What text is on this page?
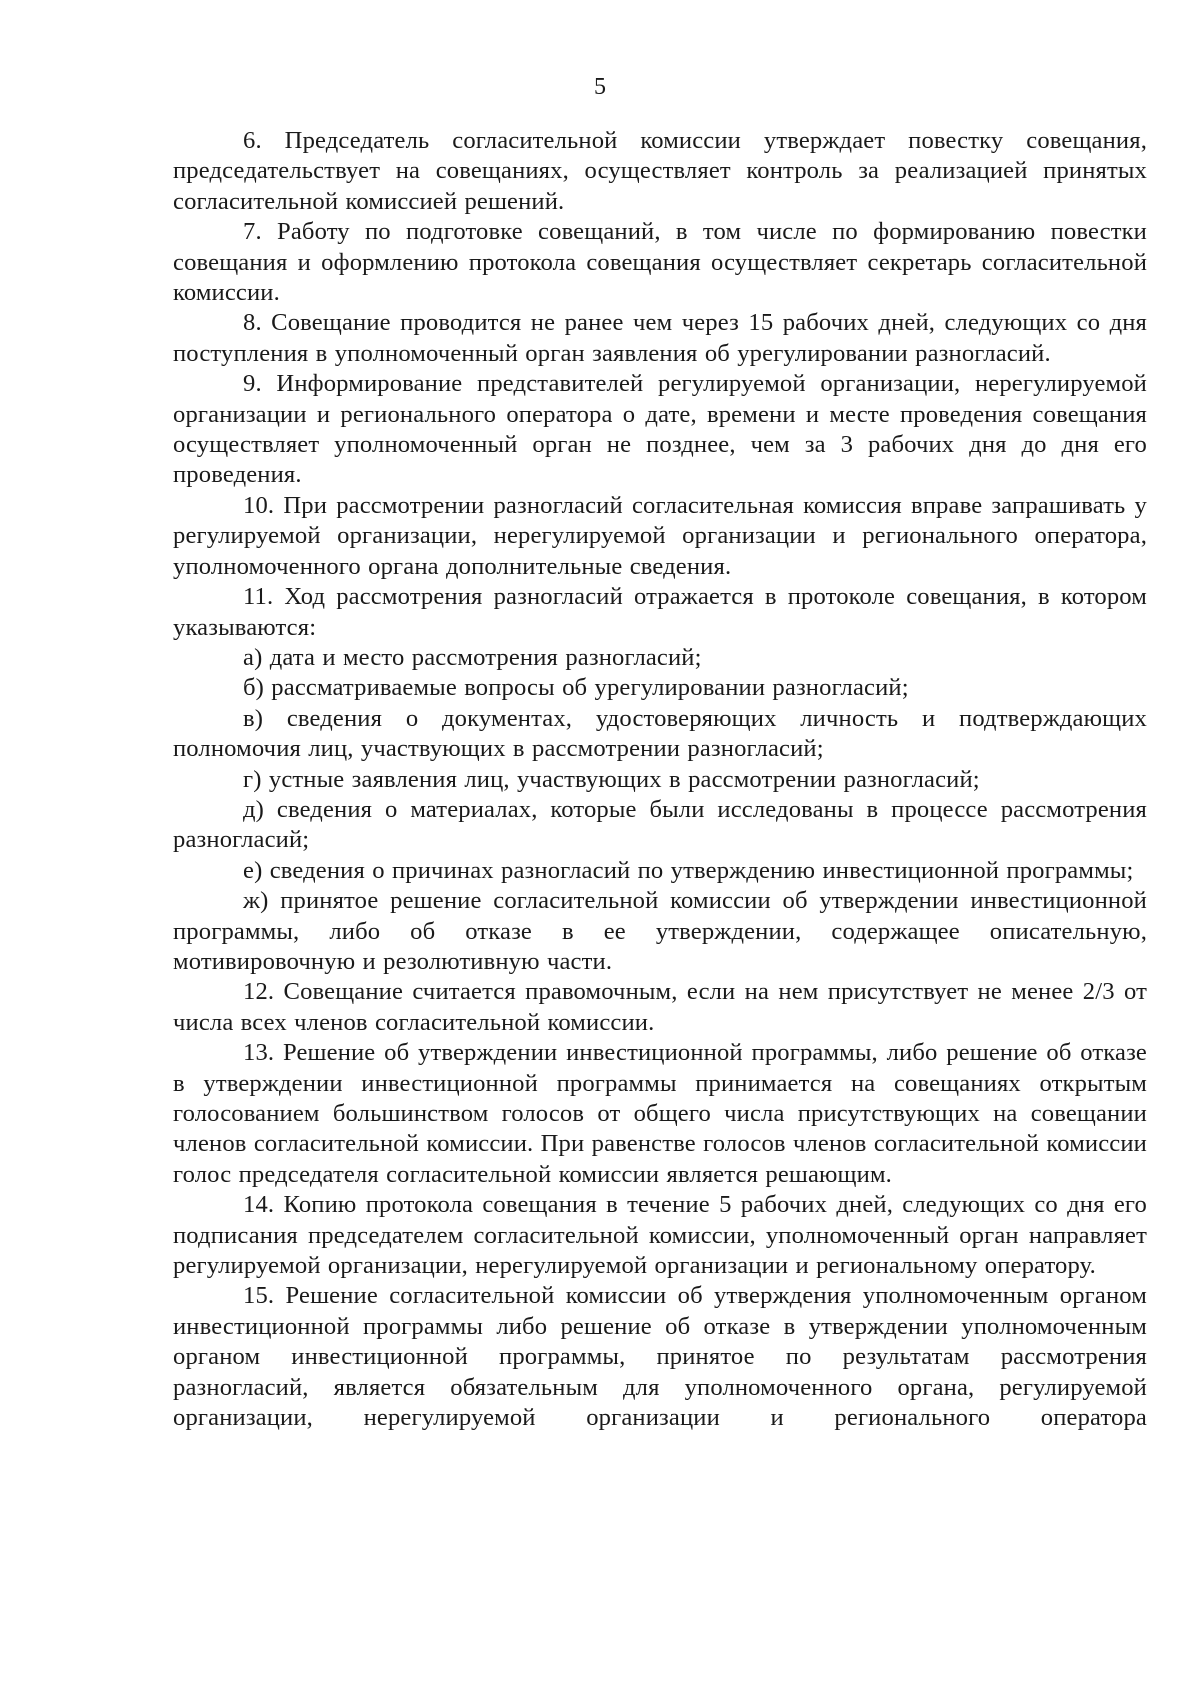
5

6. Председатель согласительной комиссии утверждает повестку совещания, председательствует на совещаниях, осуществляет контроль за реализацией принятых согласительной комиссией решений.

7. Работу по подготовке совещаний, в том числе по формированию повестки совещания и оформлению протокола совещания осуществляет секретарь согласительной комиссии.

8. Совещание проводится не ранее чем через 15 рабочих дней, следующих со дня поступления в уполномоченный орган заявления об урегулировании разногласий.

9. Информирование представителей регулируемой организации, нерегулируемой организации и регионального оператора о дате, времени и месте проведения совещания осуществляет уполномоченный орган не позднее, чем за 3 рабочих дня до дня его проведения.

10. При рассмотрении разногласий согласительная комиссия вправе запрашивать у регулируемой организации, нерегулируемой организации и регионального оператора, уполномоченного органа дополнительные сведения.

11. Ход рассмотрения разногласий отражается в протоколе совещания, в котором указываются:

а) дата и место рассмотрения разногласий;

б) рассматриваемые вопросы об урегулировании разногласий;

в) сведения о документах, удостоверяющих личность и подтверждающих полномочия лиц, участвующих в рассмотрении разногласий;

г) устные заявления лиц, участвующих в рассмотрении разногласий;

д) сведения о материалах, которые были исследованы в процессе рассмотрения разногласий;

е) сведения о причинах разногласий по утверждению инвестиционной программы;

ж) принятое решение согласительной комиссии об утверждении инвестиционной программы, либо об отказе в ее утверждении, содержащее описательную, мотивировочную и резолютивную части.

12. Совещание считается правомочным, если на нем присутствует не менее 2/3 от числа всех членов согласительной комиссии.

13. Решение об утверждении инвестиционной программы, либо решение об отказе в утверждении инвестиционной программы принимается на совещаниях открытым голосованием большинством голосов от общего числа присутствующих на совещании членов согласительной комиссии. При равенстве голосов членов согласительной комиссии голос председателя согласительной комиссии является решающим.

14. Копию протокола совещания в течение 5 рабочих дней, следующих со дня его подписания председателем согласительной комиссии, уполномоченный орган направляет регулируемой организации, нерегулируемой организации и региональному оператору.

15. Решение согласительной комиссии об утверждения уполномоченным органом инвестиционной программы либо решение об отказе в утверждении уполномоченным органом инвестиционной программы, принятое по результатам рассмотрения разногласий, является обязательным для уполномоченного органа, регулируемой организации, нерегулируемой организации и регионального оператора
